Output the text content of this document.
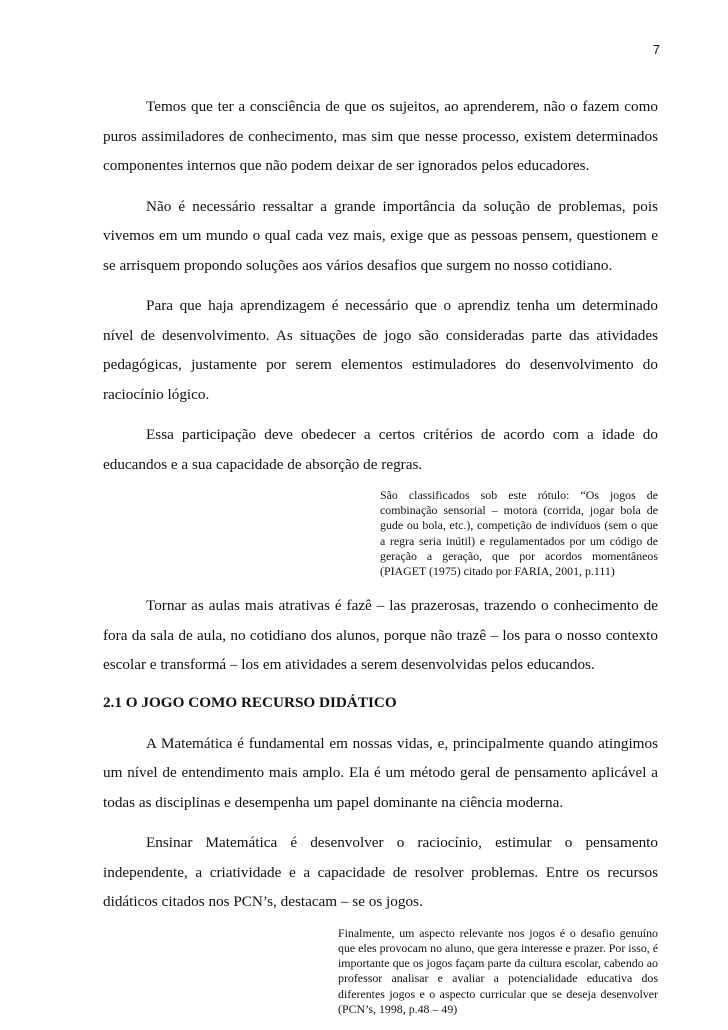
7

Temos que ter a consciência de que os sujeitos, ao aprenderem, não o fazem como puros assimiladores de conhecimento, mas sim que nesse processo, existem determinados componentes internos que não podem deixar de ser ignorados pelos educadores.

Não é necessário ressaltar a grande importância da solução de problemas, pois vivemos em um mundo o qual cada vez mais, exige que as pessoas pensem, questionem e se arrisquem propondo soluções aos vários desafios que surgem no nosso cotidiano.

Para que haja aprendizagem é necessário que o aprendiz tenha um determinado nível de desenvolvimento. As situações de jogo são consideradas parte das atividades pedagógicas, justamente por serem elementos estimuladores do desenvolvimento do raciocínio lógico.

Essa participação deve obedecer a certos critérios de acordo com a idade do educandos e a sua capacidade de absorção de regras.

São classificados sob este rótulo: “Os jogos de combinação sensorial – motora (corrida, jogar bola de gude ou bola, etc.), competição de indivíduos (sem o que a regra seria inútil) e regulamentados por um código de geração a geração, que por acordos momentâneos (PIAGET (1975) citado por FARIA, 2001, p.111)

Tornar as aulas mais atrativas é fazê – las prazerosas, trazendo o conhecimento de fora da sala de aula, no cotidiano dos alunos, porque não trazê – los para o nosso contexto escolar e transformá – los em atividades a serem desenvolvidas pelos educandos.

2.1 O JOGO COMO RECURSO DIDÁTICO

A Matemática é fundamental em nossas vidas, e, principalmente quando atingimos um nível de entendimento mais amplo. Ela é um método geral de pensamento aplicável a todas as disciplinas e desempenha um papel dominante na ciência moderna.

Ensinar Matemática é desenvolver o raciocínio, estimular o pensamento independente, a criatividade e a capacidade de resolver problemas. Entre os recursos didáticos citados nos PCN’s, destacam – se os jogos.

Finalmente, um aspecto relevante nos jogos é o desafio genuíno que eles provocam no aluno, que gera interesse e prazer. Por isso, é importante que os jogos façam parte da cultura escolar, cabendo ao professor analisar e avaliar a potencialidade educativa dos diferentes jogos e o aspecto curricular que se deseja desenvolver (PCN’s, 1998, p.48 – 49)
